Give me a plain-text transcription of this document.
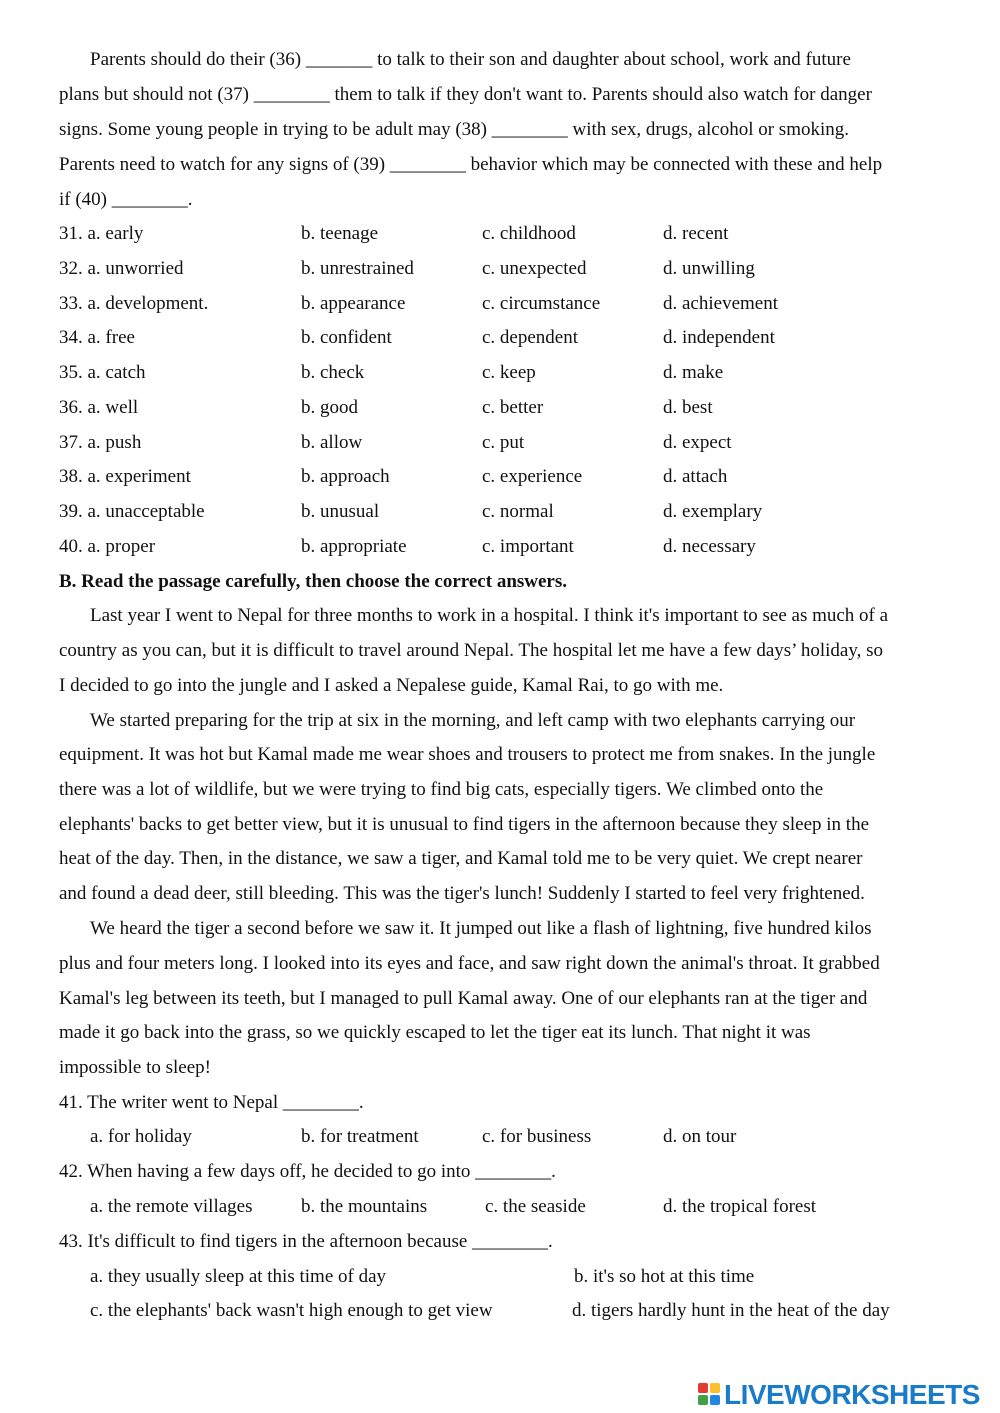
Parents should do their (36) _______ to talk to their son and daughter about school, work and future
plans but should not (37) ________ them to talk if they don't want to. Parents should also watch for danger
signs. Some young people in trying to be adult may (38) ________ with sex, drugs, alcohol or smoking.
Parents need to watch for any signs of (39) ________ behavior which may be connected with these and help
if (40) ________.
31. a. early	b. teenage	c. childhood	d. recent
32. a. unworried	b. unrestrained	c. unexpected	d. unwilling
33. a. development.	b. appearance	c. circumstance	d. achievement
34. a. free	b. confident	c. dependent	d. independent
35. a. catch	b. check	c. keep	d. make
36. a. well	b. good	c. better	d. best
37. a. push	b. allow	c. put	d. expect
38. a. experiment	b. approach	c. experience	d. attach
39. a. unacceptable	b. unusual	c. normal	d. exemplary
40. a. proper	b. appropriate	c. important	d. necessary
B. Read the passage carefully, then choose the correct answers.
Last year I went to Nepal for three months to work in a hospital. I think it's important to see as much of a
country as you can, but it is difficult to travel around Nepal. The hospital let me have a few days’ holiday, so
I decided to go into the jungle and I asked a Nepalese guide, Kamal Rai, to go with me.
We started preparing for the trip at six in the morning, and left camp with two elephants carrying our
equipment. It was hot but Kamal made me wear shoes and trousers to protect me from snakes. In the jungle
there was a lot of wildlife, but we were trying to find big cats, especially tigers. We climbed onto the
elephants' backs to get better view, but it is unusual to find tigers in the afternoon because they sleep in the
heat of the day. Then, in the distance, we saw a tiger, and Kamal told me to be very quiet. We crept nearer
and found a dead deer, still bleeding. This was the tiger's lunch! Suddenly I started to feel very frightened.
We heard the tiger a second before we saw it. It jumped out like a flash of lightning, five hundred kilos
plus and four meters long. I looked into its eyes and face, and saw right down the animal's throat. It grabbed
Kamal's leg between its teeth, but I managed to pull Kamal away. One of our elephants ran at the tiger and
made it go back into the grass, so we quickly escaped to let the tiger eat its lunch. That night it was
impossible to sleep!
41. The writer went to Nepal ________.
a. for holiday	b. for treatment	c. for business	d. on tour
42. When having a few days off, he decided to go into ________.
a. the remote villages	b. the mountains	c. the seaside	d. the tropical forest
43. It's difficult to find tigers in the afternoon because ________.
a. they usually sleep at this time of day	b. it's so hot at this time
c. the elephants' back wasn't high enough to get view	d. tigers hardly hunt in the heat of the day
LIVEWORKSHEETS
